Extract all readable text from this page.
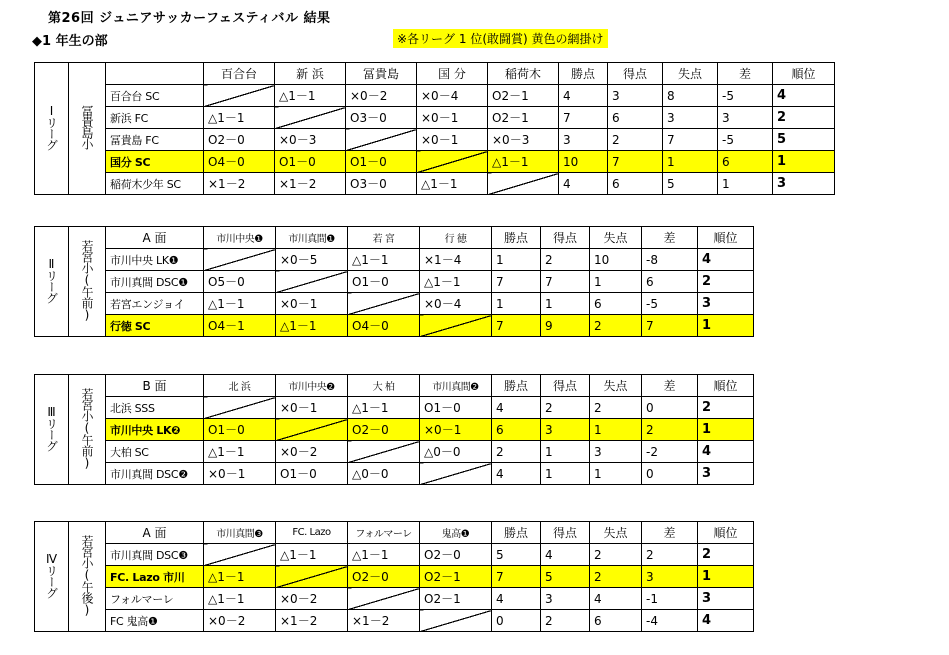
第26回 ジュニアサッカーフェスティバル 結果
◆1 年生の部	※各リーグ 1 位(敢闘賞) 黄色の網掛け
Ⅰリーグ	冨貴島小		百合台	新 浜	冨貴島	国 分	稲荷木	勝点	得点	失点	差	順位
		百合台 SC		△1－1	×0－2	×0－4	O2－1	4	3	8	-5	4
		新浜 FC	△1－1		O3－0	×0－1	O2－1	7	6	3	3	2
		冨貴島 FC	O2－0	×0－3		×0－1	×0－3	3	2	7	-5	5
		国分 SC	O4－0	O1－0	O1－0		△1－1	10	7	1	6	1
		稲荷木少年 SC	×1－2	×1－2	O3－0	△1－1		4	6	5	1	3
Ⅱリーグ	若宮小(午前)	A 面	市川中央❶	市川真間❶	若 宮	行 徳	勝点	得点	失点	差	順位
		市川中央 LK❶		×0－5	△1－1	×1－4	1	2	10	-8	4
		市川真間 DSC❶	O5－0		O1－0	△1－1	7	7	1	6	2
		若宮エンジョイ	△1－1	×0－1		×0－4	1	1	6	-5	3
		行徳 SC	O4－1	△1－1	O4－0		7	9	2	7	1
Ⅲリーグ	若宮小(午前)	B 面	北 浜	市川中央❷	大 柏	市川真間❷	勝点	得点	失点	差	順位
		北浜 SSS		×0－1	△1－1	O1－0	4	2	2	0	2
		市川中央 LK❷	O1－0		O2－0	×0－1	6	3	1	2	1
		大柏 SC	△1－1	×0－2		△0－0	2	1	3	-2	4
		市川真間 DSC❷	×0－1	O1－0	△0－0		4	1	1	0	3
Ⅳリーグ	若宮小(午後)	A 面	市川真間❸	FC. Lazo	フォルマーレ	鬼高❶	勝点	得点	失点	差	順位
		市川真間 DSC❸		△1－1	△1－1	O2－0	5	4	2	2	2
		FC. Lazo 市川	△1－1		O2－0	O2－1	7	5	2	3	1
		フォルマーレ	△1－1	×0－2		O2－1	4	3	4	-1	3
		FC 鬼高❶	×0－2	×1－2	×1－2		0	2	6	-4	4
